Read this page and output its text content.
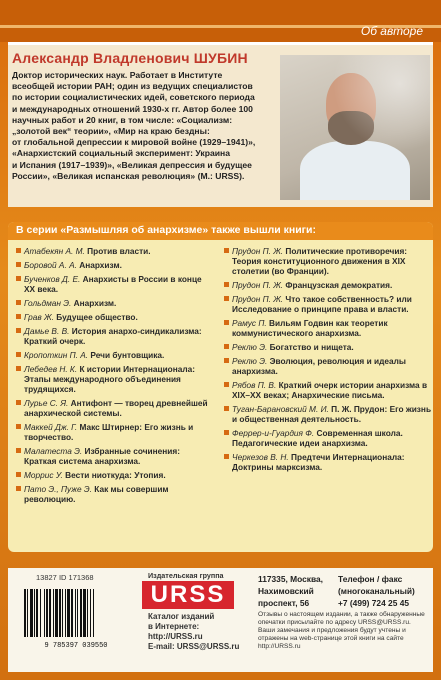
Об авторе
Александр Владленович ШУБИН
Доктор исторических наук. Работает в Институте
всеобщей истории РАН; один из ведущих специалистов
по истории социалистических идей, советского периода
и международных отношений 1930-х гг. Автор более 100
научных работ и 20 книг, в том числе: «Социализм:
„золотой век“ теории», «Мир на краю бездны:
от глобальной депрессии к мировой войне (1929–1941)»,
«Анархистский социальный эксперимент: Украина
и Испания (1917–1939)», «Великая депрессия и будущее
России», «Великая испанская революция» (М.: URSS).
В серии «Размышляя об анархизме» также вышли книги:
Атабекян А. М. Против власти.
Боровой А. А. Анархизм.
Бученков Д. Е. Анархисты в России в конце XX века.
Гольдман Э. Анархизм.
Грав Ж. Будущее общество.
Дамье В. В. История анархо-синдикализма: Краткий очерк.
Кропоткин П. А. Речи бунтовщика.
Лебедев Н. К. К истории Интернационала: Этапы международного объединения трудящихся.
Лурье С. Я. Антифонт — творец древнейшей анархической системы.
Маккей Дж. Г. Макс Штирнер: Его жизнь и творчество.
Малатеста Э. Избранные сочинения: Краткая система анархизма.
Моррис У. Вести ниоткуда: Утопия.
Пато Э., Пуже Э. Как мы совершим революцию.
Прудон П. Ж. Политические противоречия: Теория конституционного движения в XIX столетии (во Франции).
Прудон П. Ж. Французская демократия.
Прудон П. Ж. Что такое собственность? или Исследование о принципе права и власти.
Рамус П. Вильям Годвин как теоретик коммунистического анархизма.
Реклю Э. Богатство и нищета.
Реклю Э. Эволюция, революция и идеалы анархизма.
Рябов П. В. Краткий очерк истории анархизма в XIX–XX веках; Анархические письма.
Туган-Барановский М. И. П. Ж. Прудон: Его жизнь и общественная деятельность.
Феррер-и-Гуардия Ф. Современная школа. Педагогические идеи анархизма.
Черкезов В. Н. Предтечи Интернационала: Доктрины марксизма.
13827 ID 171368
9 785397 039550
Издательская группа
URSS
Каталог изданий
в Интернете:
http://URSS.ru
E-mail: URSS@URSS.ru
117335, Москва,
Нахимовский
проспект, 56
Телефон / факс
(многоканальный)
+7 (499) 724 25 45
Отзывы о настоящем издании, а также обнаруженные опечатки присылайте по адресу URSS@URSS.ru. Ваши замечания и предложения будут учтены и отражены на web-странице этой книги на сайте http://URSS.ru
